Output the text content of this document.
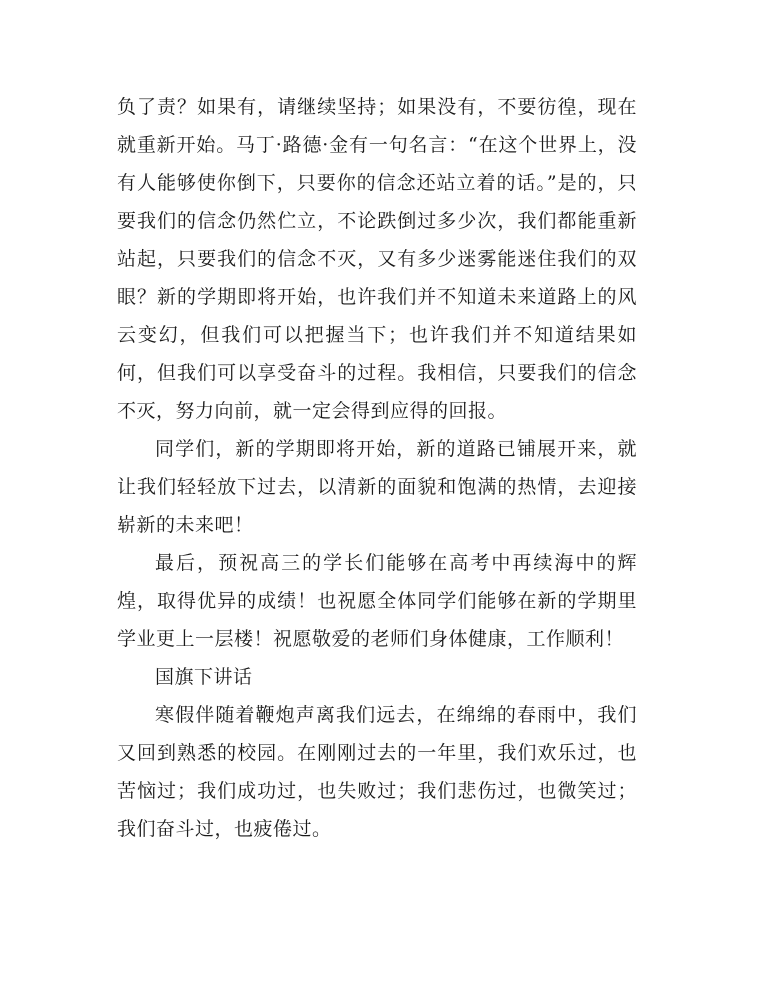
负了责？如果有，请继续坚持；如果没有，不要彷徨，现在就重新开始。马丁·路德·金有一句名言：“在这个世界上，没有人能够使你倒下，只要你的信念还站立着的话。”是的，只要我们的信念仍然伫立，不论跌倒过多少次，我们都能重新站起，只要我们的信念不灭，又有多少迷雾能迷住我们的双眼？新的学期即将开始，也许我们并不知道未来道路上的风云变幻，但我们可以把握当下；也许我们并不知道结果如何，但我们可以享受奋斗的过程。我相信，只要我们的信念不灭，努力向前，就一定会得到应得的回报。

同学们，新的学期即将开始，新的道路已铺展开来，就让我们轻轻放下过去，以清新的面貌和饱满的热情，去迎接崭新的未来吧！

最后，预祝高三的学长们能够在高考中再续海中的辉煌，取得优异的成绩！也祝愿全体同学们能够在新的学期里学业更上一层楼！祝愿敬爱的老师们身体健康，工作顺利！

国旗下讲话

寒假伴随着鞭炮声离我们远去，在绵绵的春雨中，我们又回到熟悉的校园。在刚刚过去的一年里，我们欢乐过，也苦恼过；我们成功过，也失败过；我们悲伤过，也微笑过；我们奋斗过，也疲倦过。
